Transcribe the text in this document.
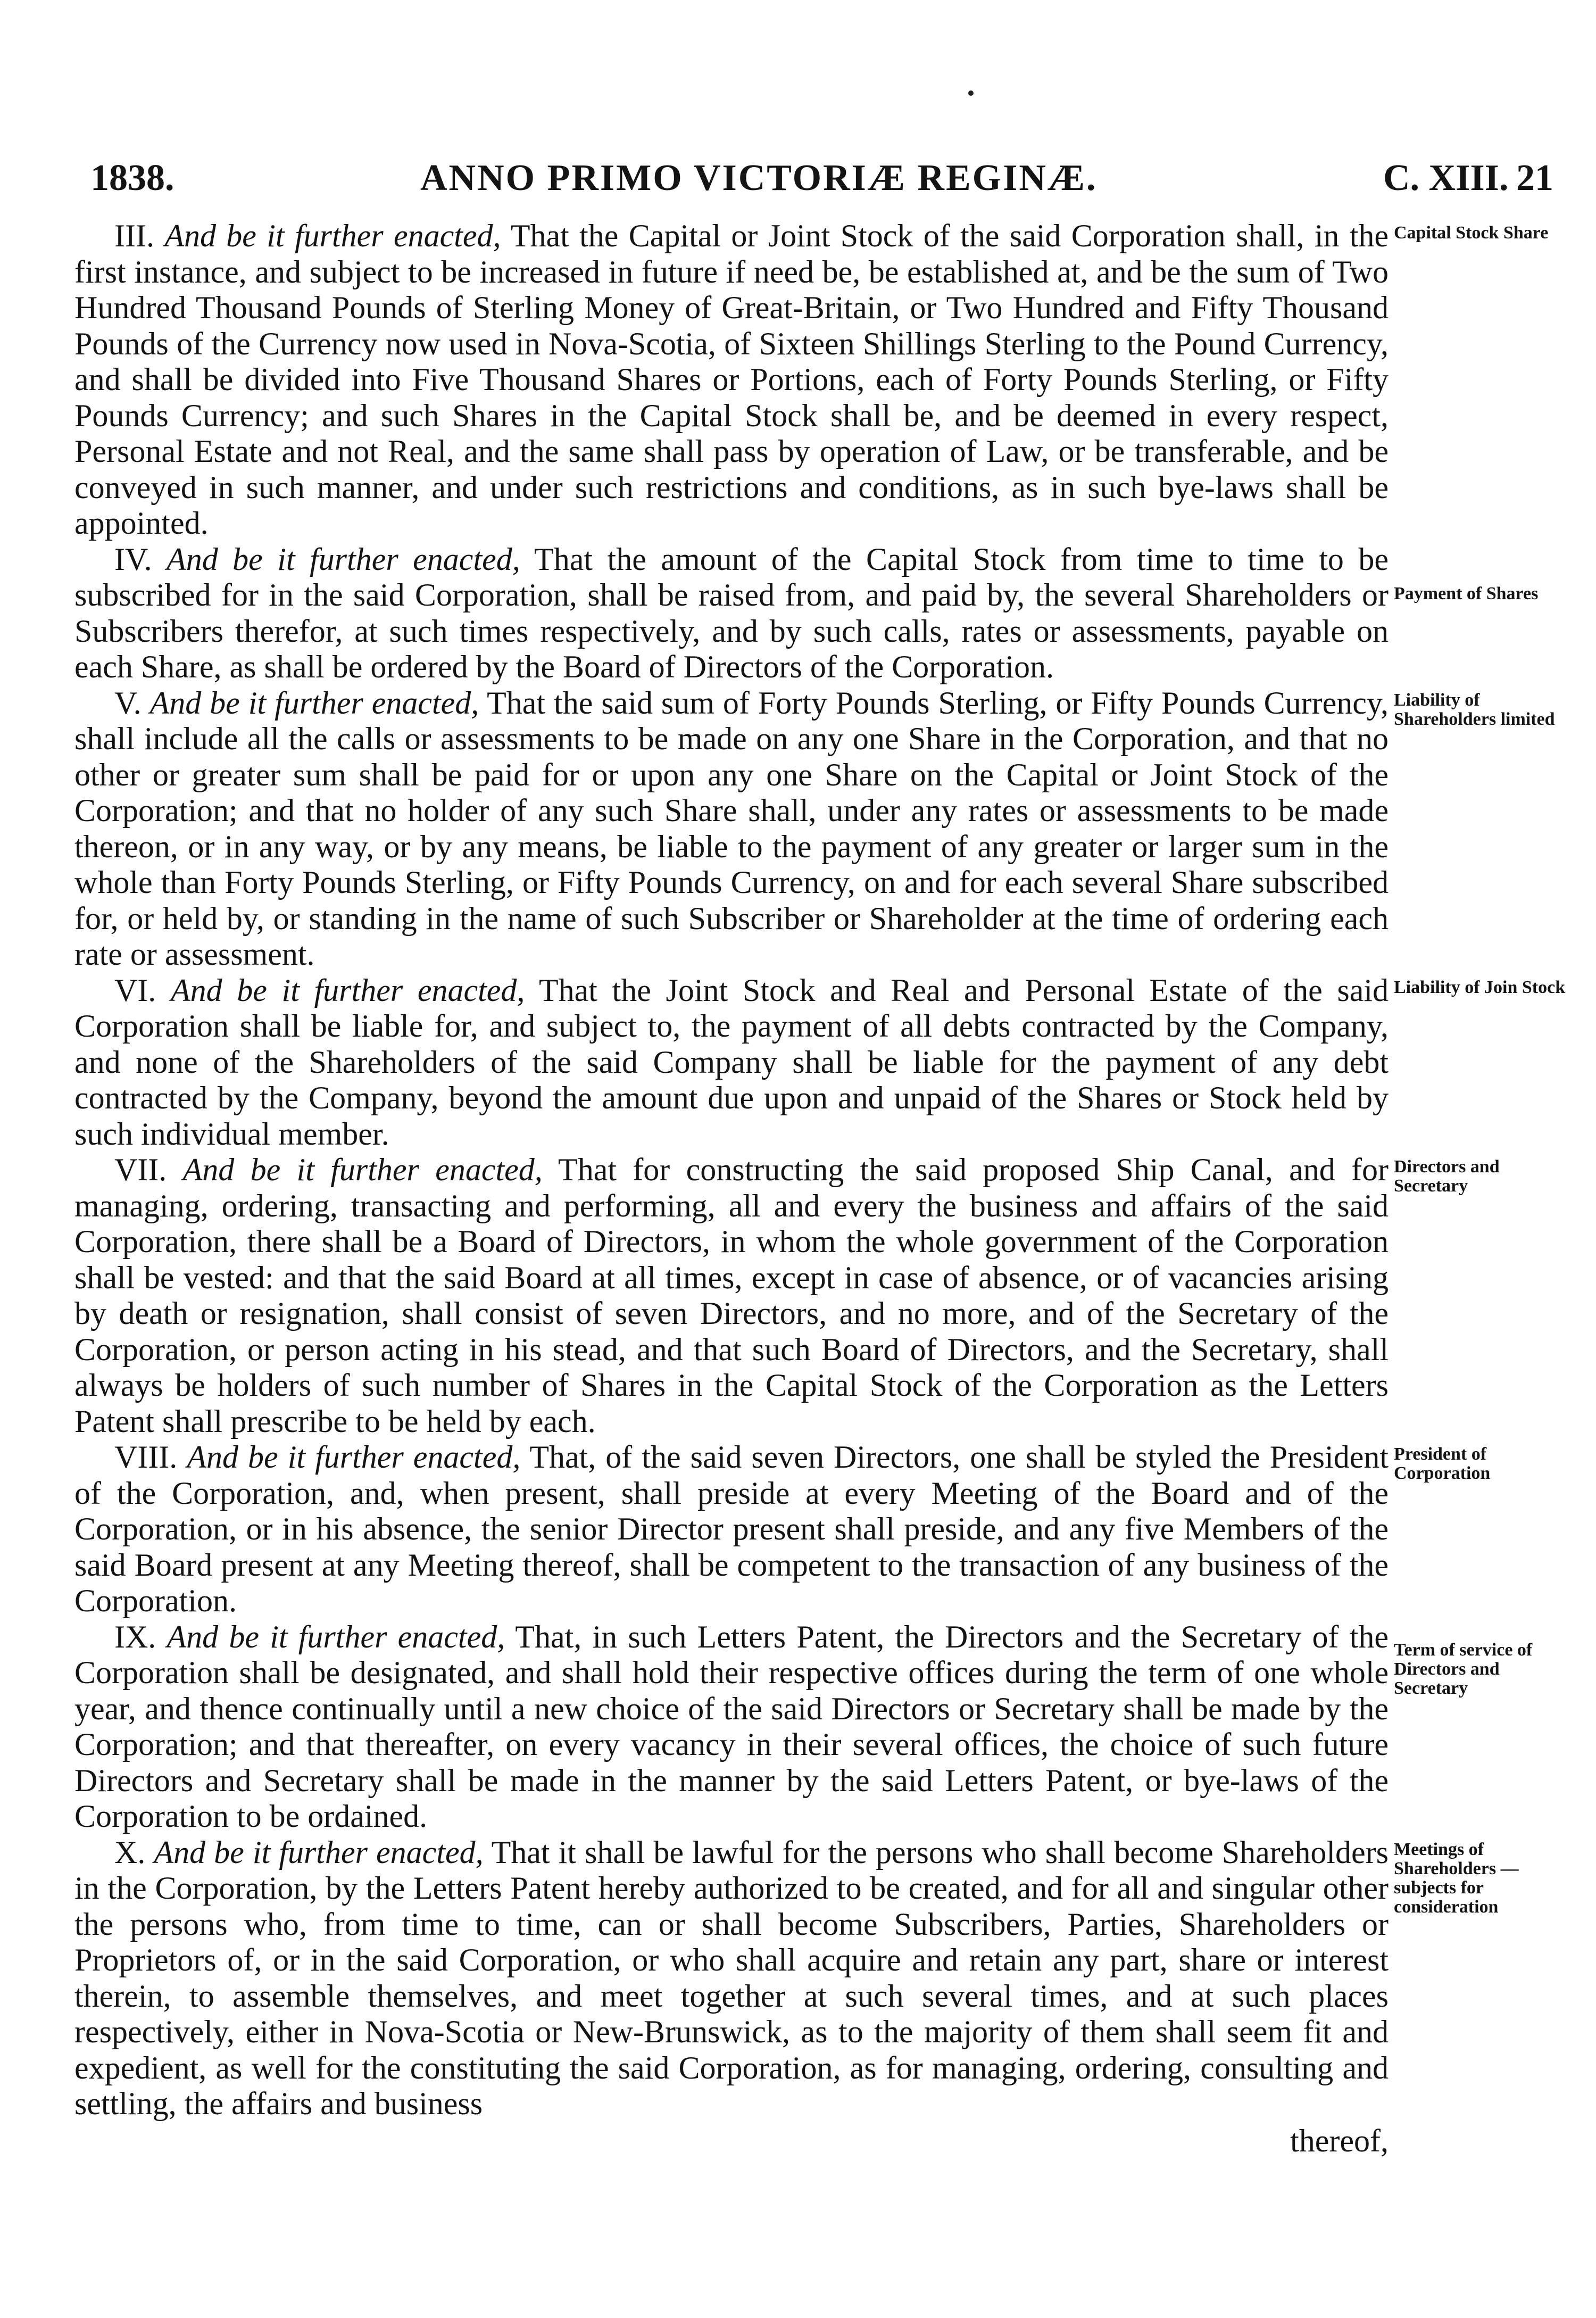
1838.	ANNO PRIMO VICTORIÆ REGINÆ.	C. XIII. 21

III. And be it further enacted, That the Capital or Joint Stock of the said Corporation shall, in the first instance, and subject to be increased in future if need be, be established at, and be the sum of Two Hundred Thousand Pounds of Sterling Money of Great-Britain, or Two Hundred and Fifty Thousand Pounds of the Currency now used in Nova-Scotia, of Sixteen Shillings Sterling to the Pound Currency, and shall be divided into Five Thousand Shares or Portions, each of Forty Pounds Sterling, or Fifty Pounds Currency; and such Shares in the Capital Stock shall be, and be deemed in every respect, Personal Estate and not Real, and the same shall pass by operation of Law, or be transferable, and be conveyed in such manner, and under such restrictions and conditions, as in such bye-laws shall be appointed.
Capital Stock Share

IV. And be it further enacted, That the amount of the Capital Stock from time to time to be subscribed for in the said Corporation, shall be raised from, and paid by, the several Shareholders or Subscribers therefor, at such times respectively, and by such calls, rates or assessments, payable on each Share, as shall be ordered by the Board of Directors of the Corporation.
Payment of Shares

V. And be it further enacted, That the said sum of Forty Pounds Sterling, or Fifty Pounds Currency, shall include all the calls or assessments to be made on any one Share in the Corporation, and that no other or greater sum shall be paid for or upon any one Share on the Capital or Joint Stock of the Corporation; and that no holder of any such Share shall, under any rates or assessments to be made thereon, or in any way, or by any means, be liable to the payment of any greater or larger sum in the whole than Forty Pounds Sterling, or Fifty Pounds Currency, on and for each several Share subscribed for, or held by, or standing in the name of such Subscriber or Shareholder at the time of ordering each rate or assessment.
Liability of Shareholders limited

VI. And be it further enacted, That the Joint Stock and Real and Personal Estate of the said Corporation shall be liable for, and subject to, the payment of all debts contracted by the Company, and none of the Shareholders of the said Company shall be liable for the payment of any debt contracted by the Company, beyond the amount due upon and unpaid of the Shares or Stock held by such individual member.
Liability of Join Stock

VII. And be it further enacted, That for constructing the said proposed Ship Canal, and for managing, ordering, transacting and performing, all and every the business and affairs of the said Corporation, there shall be a Board of Directors, in whom the whole government of the Corporation shall be vested: and that the said Board at all times, except in case of absence, or of vacancies arising by death or resignation, shall consist of seven Directors, and no more, and of the Secretary of the Corporation, or person acting in his stead, and that such Board of Directors, and the Secretary, shall always be holders of such number of Shares in the Capital Stock of the Corporation as the Letters Patent shall prescribe to be held by each.
Directors and Secretary

VIII. And be it further enacted, That, of the said seven Directors, one shall be styled the President of the Corporation, and, when present, shall preside at every Meeting of the Board and of the Corporation, or in his absence, the senior Director present shall preside, and any five Members of the said Board present at any Meeting thereof, shall be competent to the transaction of any business of the Corporation.
President of Corporation

IX. And be it further enacted, That, in such Letters Patent, the Directors and the Secretary of the Corporation shall be designated, and shall hold their respective offices during the term of one whole year, and thence continually until a new choice of the said Directors or Secretary shall be made by the Corporation; and that thereafter, on every vacancy in their several offices, the choice of such future Directors and Secretary shall be made in the manner by the said Letters Patent, or bye-laws of the Corporation to be ordained.
Term of service of Directors and Secretary

X. And be it further enacted, That it shall be lawful for the persons who shall become Shareholders in the Corporation, by the Letters Patent hereby authorized to be created, and for all and singular other the persons who, from time to time, can or shall become Subscribers, Parties, Shareholders or Proprietors of, or in the said Corporation, or who shall acquire and retain any part, share or interest therein, to assemble themselves, and meet together at such several times, and at such places respectively, either in Nova-Scotia or New-Brunswick, as to the majority of them shall seem fit and expedient, as well for the constituting the said Corporation, as for managing, ordering, consulting and settling, the affairs and business
Meetings of Shareholders —subjects for consideration
thereof,
